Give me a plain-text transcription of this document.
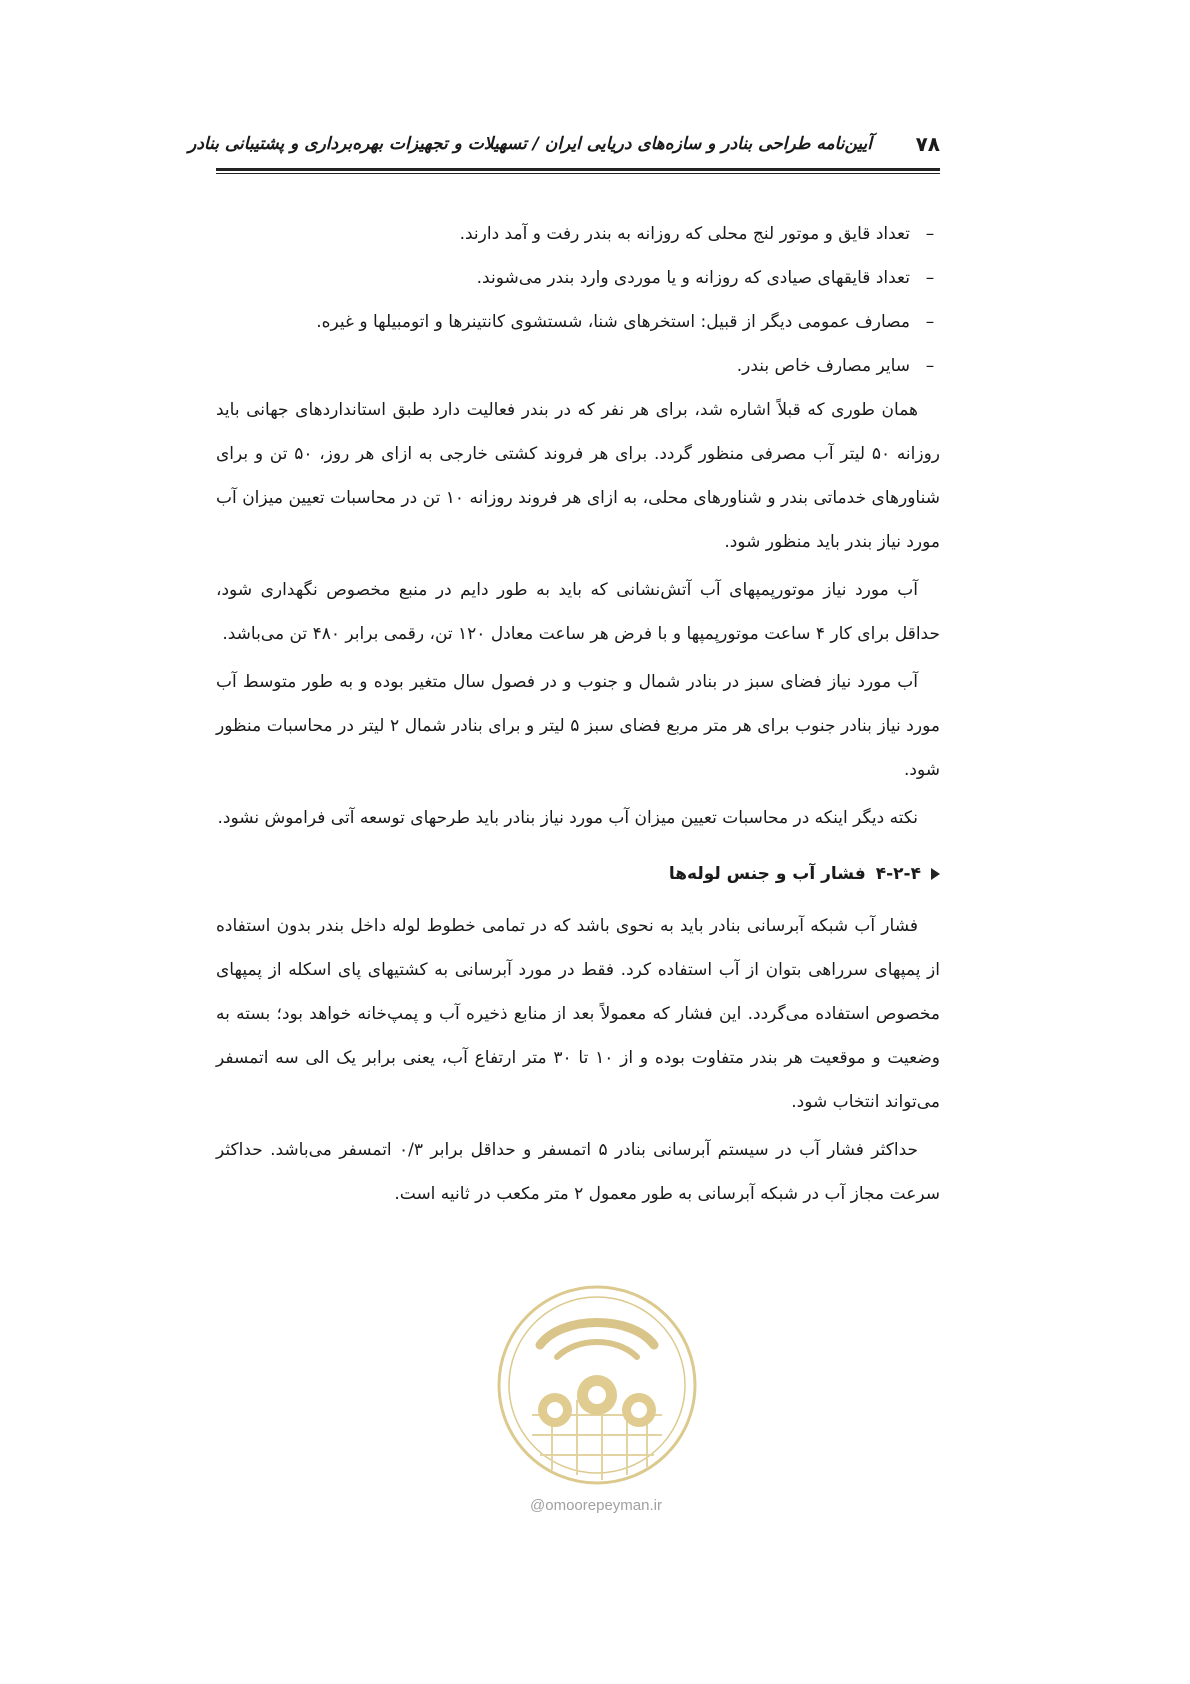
۷۸
آیین‌نامه طراحی بنادر و سازه‌های دریایی ایران / تسهیلات و تجهیزات بهره‌برداری و پشتیبانی بنادر
–
تعداد قایق و موتور لنج محلی که روزانه به بندر رفت و آمد دارند.
–
تعداد قایقهای صیادی که روزانه و یا موردی وارد بندر می‌شوند.
–
مصارف عمومی دیگر از قبیل: استخرهای شنا، شستشوی کانتینرها و اتومبیلها و غیره.
–
سایر مصارف خاص بندر.

همان طوری که قبلاً اشاره شد، برای هر نفر که در بندر فعالیت دارد طبق استانداردهای جهانی باید روزانه ۵۰ لیتر آب مصرفی منظور گردد. برای هر فروند کشتی خارجی به ازای هر روز، ۵۰ تن و برای شناورهای خدماتی بندر و شناورهای محلی، به ازای هر فروند روزانه ۱۰ تن در محاسبات تعیین میزان آب مورد نیاز بندر باید منظور شود.

آب مورد نیاز موتورپمپهای آب آتش‌نشانی که باید به طور دایم در منبع مخصوص نگهداری شود، حداقل برای کار ۴ ساعت موتورپمپها و با فرض هر ساعت معادل ۱۲۰ تن، رقمی برابر ۴۸۰ تن می‌باشد.

آب مورد نیاز فضای سبز در بنادر شمال و جنوب و در فصول سال متغیر بوده و به طور متوسط آب مورد نیاز بنادر جنوب برای هر متر مربع فضای سبز ۵ لیتر و برای بنادر شمال ۲ لیتر در محاسبات منظور شود.

نکته دیگر اینکه در محاسبات تعیین میزان آب مورد نیاز بنادر باید طرحهای توسعه آتی فراموش نشود.

۴-۲-۴
فشار آب و جنس لوله‌ها

فشار آب شبکه آبرسانی بنادر باید به نحوی باشد که در تمامی خطوط لوله داخل بندر بدون استفاده از پمپهای سرراهی بتوان از آب استفاده کرد. فقط در مورد آبرسانی به کشتیهای پای اسکله از پمپهای مخصوص استفاده می‌گردد. این فشار که معمولاً بعد از منابع ذخیره آب و پمپ‌خانه خواهد بود؛ بسته به وضعیت و موقعیت هر بندر متفاوت بوده و از ۱۰ تا ۳۰ متر ارتفاع آب، یعنی برابر یک الی سه اتمسفر می‌تواند انتخاب شود.

حداکثر فشار آب در سیستم آبرسانی بنادر ۵ اتمسفر و حداقل برابر ۰/۳ اتمسفر می‌باشد. حداکثر سرعت مجاز آب در شبکه آبرسانی به طور معمول ۲ متر مکعب در ثانیه است.

@omoorepeyman.ir
